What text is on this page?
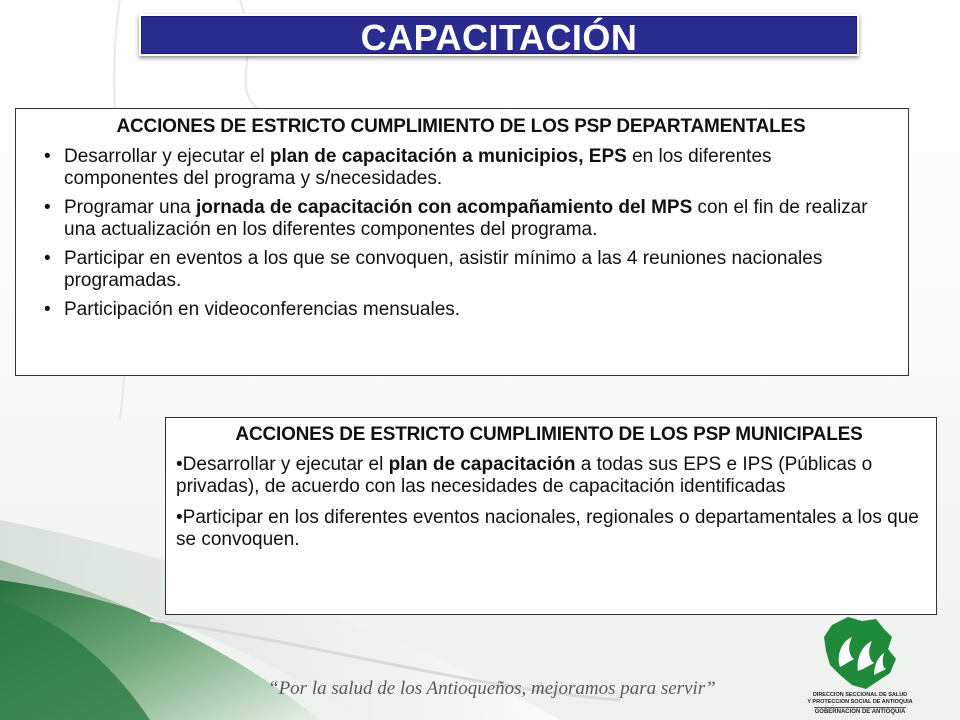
CAPACITACIÓN
ACCIONES DE ESTRICTO CUMPLIMIENTO DE LOS PSP DEPARTAMENTALES
• Desarrollar y ejecutar el plan de capacitación a municipios, EPS en los diferentes componentes del programa y s/necesidades.
• Programar una jornada de capacitación con acompañamiento del MPS con el fin de realizar una actualización en los diferentes componentes del programa.
• Participar en eventos a los que se convoquen, asistir mínimo a las 4 reuniones nacionales programadas.
• Participación en videoconferencias mensuales.
ACCIONES DE ESTRICTO CUMPLIMIENTO DE LOS PSP MUNICIPALES
•Desarrollar y ejecutar el plan de capacitación a todas sus EPS e IPS (Públicas o privadas), de acuerdo con las necesidades de capacitación identificadas
•Participar en los diferentes eventos nacionales, regionales o departamentales a los que se convoquen.
“Por la salud de los Antioqueños, mejoramos para servir”	DIRECCION SECCIONAL DE SALUD
Y PROTECCION SOCIAL DE ANTIOQUIA
GOBERNACION DE ANTIOQUIA
